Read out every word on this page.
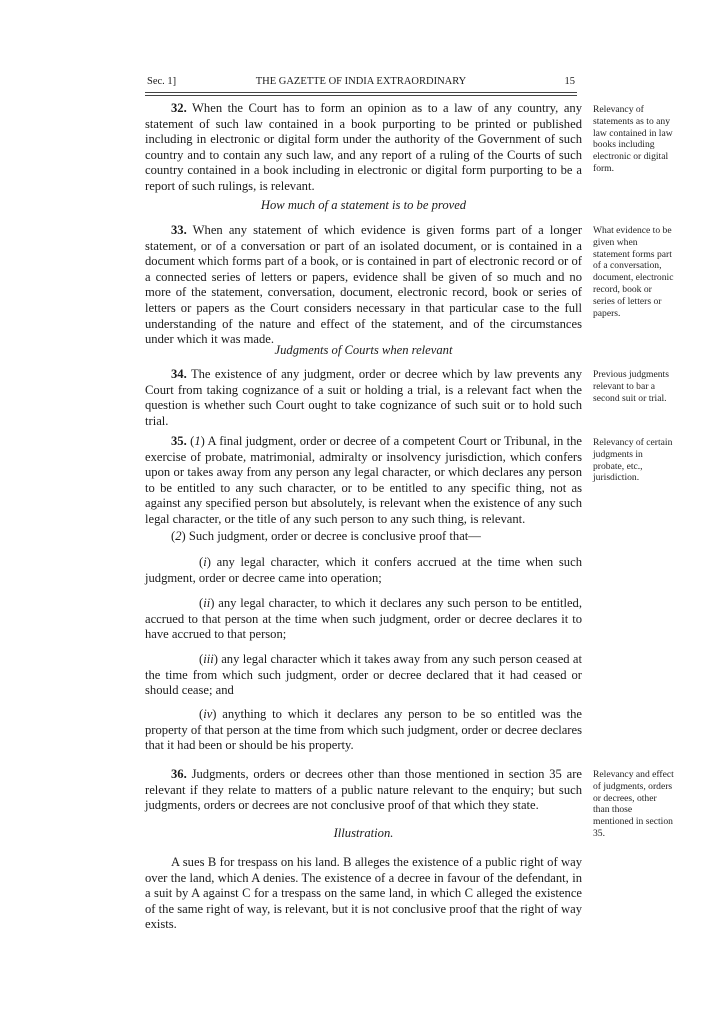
Sec. 1]	THE GAZETTE OF INDIA EXTRAORDINARY	15

32. When the Court has to form an opinion as to a law of any country, any statement of such law contained in a book purporting to be printed or published including in electronic or digital form under the authority of the Government of such country and to contain any such law, and any report of a ruling of the Courts of such country contained in a book including in electronic or digital form purporting to be a report of such rulings, is relevant.

Relevancy of statements as to any law contained in law books including electronic or digital form.
How much of a statement is to be proved

33. When any statement of which evidence is given forms part of a longer statement, or of a conversation or part of an isolated document, or is contained in a document which forms part of a book, or is contained in part of electronic record or of a connected series of letters or papers, evidence shall be given of so much and no more of the statement, conversation, document, electronic record, book or series of letters or papers as the Court considers necessary in that particular case to the full understanding of the nature and effect of the statement, and of the circumstances under which it was made.

What evidence to be given when statement forms part of a conversation, document, electronic record, book or series of letters or papers.
Judgments of Courts when relevant

34. The existence of any judgment, order or decree which by law prevents any Court from taking cognizance of a suit or holding a trial, is a relevant fact when the question is whether such Court ought to take cognizance of such suit or to hold such trial.

Previous judgments relevant to bar a second suit or trial.

35. (1) A final judgment, order or decree of a competent Court or Tribunal, in the exercise of probate, matrimonial, admiralty or insolvency jurisdiction, which confers upon or takes away from any person any legal character, or which declares any person to be entitled to any such character, or to be entitled to any specific thing, not as against any specified person but absolutely, is relevant when the existence of any such legal character, or the title of any such person to any such thing, is relevant.

Relevancy of certain judgments in probate, etc., jurisdiction.

(2) Such judgment, order or decree is conclusive proof that—

(i) any legal character, which it confers accrued at the time when such judgment, order or decree came into operation;

(ii) any legal character, to which it declares any such person to be entitled, accrued to that person at the time when such judgment, order or decree declares it to have accrued to that person;

(iii) any legal character which it takes away from any such person ceased at the time from which such judgment, order or decree declared that it had ceased or should cease; and

(iv) anything to which it declares any person to be so entitled was the property of that person at the time from which such judgment, order or decree declares that it had been or should be his property.

36. Judgments, orders or decrees other than those mentioned in section 35 are relevant if they relate to matters of a public nature relevant to the enquiry; but such judgments, orders or decrees are not conclusive proof of that which they state.

Relevancy and effect of judgments, orders or decrees, other than those mentioned in section 35.
Illustration.

A sues B for trespass on his land. B alleges the existence of a public right of way over the land, which A denies. The existence of a decree in favour of the defendant, in a suit by A against C for a trespass on the same land, in which C alleged the existence of the same right of way, is relevant, but it is not conclusive proof that the right of way exists.
